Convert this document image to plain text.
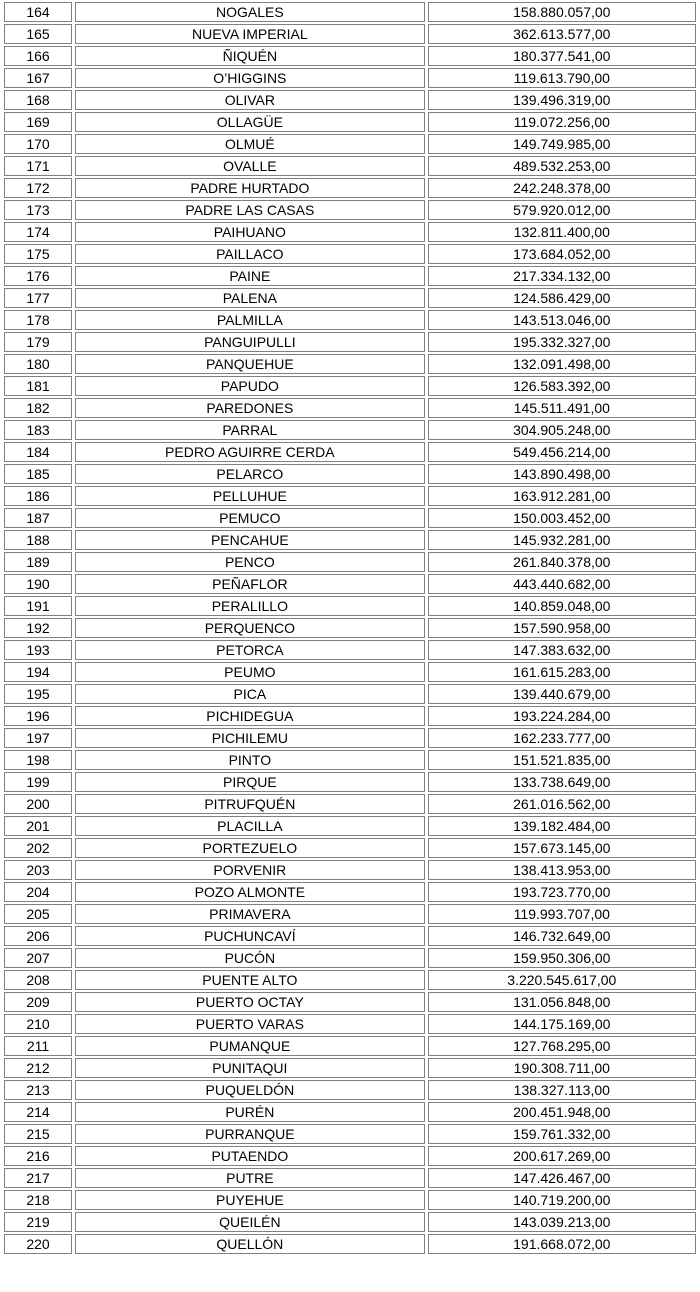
164	NOGALES	158.880.057,00
165	NUEVA IMPERIAL	362.613.577,00
166	ÑIQUÉN	180.377.541,00
167	O’HIGGINS	119.613.790,00
168	OLIVAR	139.496.319,00
169	OLLAGÜE	119.072.256,00
170	OLMUÉ	149.749.985,00
171	OVALLE	489.532.253,00
172	PADRE HURTADO	242.248.378,00
173	PADRE LAS CASAS	579.920.012,00
174	PAIHUANO	132.811.400,00
175	PAILLACO	173.684.052,00
176	PAINE	217.334.132,00
177	PALENA	124.586.429,00
178	PALMILLA	143.513.046,00
179	PANGUIPULLI	195.332.327,00
180	PANQUEHUE	132.091.498,00
181	PAPUDO	126.583.392,00
182	PAREDONES	145.511.491,00
183	PARRAL	304.905.248,00
184	PEDRO AGUIRRE CERDA	549.456.214,00
185	PELARCO	143.890.498,00
186	PELLUHUE	163.912.281,00
187	PEMUCO	150.003.452,00
188	PENCAHUE	145.932.281,00
189	PENCO	261.840.378,00
190	PEÑAFLOR	443.440.682,00
191	PERALILLO	140.859.048,00
192	PERQUENCO	157.590.958,00
193	PETORCA	147.383.632,00
194	PEUMO	161.615.283,00
195	PICA	139.440.679,00
196	PICHIDEGUA	193.224.284,00
197	PICHILEMU	162.233.777,00
198	PINTO	151.521.835,00
199	PIRQUE	133.738.649,00
200	PITRUFQUÉN	261.016.562,00
201	PLACILLA	139.182.484,00
202	PORTEZUELO	157.673.145,00
203	PORVENIR	138.413.953,00
204	POZO ALMONTE	193.723.770,00
205	PRIMAVERA	119.993.707,00
206	PUCHUNCAVÍ	146.732.649,00
207	PUCÓN	159.950.306,00
208	PUENTE ALTO	3.220.545.617,00
209	PUERTO OCTAY	131.056.848,00
210	PUERTO VARAS	144.175.169,00
211	PUMANQUE	127.768.295,00
212	PUNITAQUI	190.308.711,00
213	PUQUELDÓN	138.327.113,00
214	PURÉN	200.451.948,00
215	PURRANQUE	159.761.332,00
216	PUTAENDO	200.617.269,00
217	PUTRE	147.426.467,00
218	PUYEHUE	140.719.200,00
219	QUEILÉN	143.039.213,00
220	QUELLÓN	191.668.072,00
